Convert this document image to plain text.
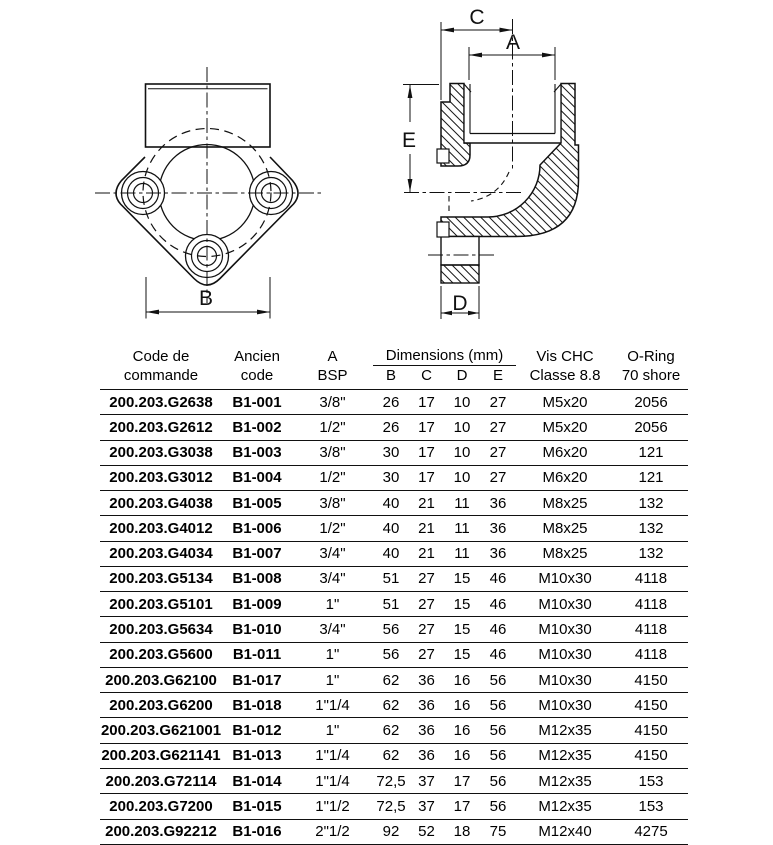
B
C
A
E
D
Code de
commande
Ancien
code
A
BSP
Dimensions (mm)
B	C	D	E
Vis CHC
Classe 8.8
O-Ring
70 shore
200.203.G2638	B1-001	3/8"	26	17	10	27	M5x20	2056
200.203.G2612	B1-002	1/2"	26	17	10	27	M5x20	2056
200.203.G3038	B1-003	3/8"	30	17	10	27	M6x20	121
200.203.G3012	B1-004	1/2"	30	17	10	27	M6x20	121
200.203.G4038	B1-005	3/8"	40	21	11	36	M8x25	132
200.203.G4012	B1-006	1/2"	40	21	11	36	M8x25	132
200.203.G4034	B1-007	3/4"	40	21	11	36	M8x25	132
200.203.G5134	B1-008	3/4"	51	27	15	46	M10x30	4118
200.203.G5101	B1-009	1"	51	27	15	46	M10x30	4118
200.203.G5634	B1-010	3/4"	56	27	15	46	M10x30	4118
200.203.G5600	B1-011	1"	56	27	15	46	M10x30	4118
200.203.G62100	B1-017	1"	62	36	16	56	M10x30	4150
200.203.G6200	B1-018	1"1/4	62	36	16	56	M10x30	4150
200.203.G621001 B1-012	1"	62	36	16	56	M12x35	4150
200.203.G621141 B1-013	1"1/4	62	36	16	56	M12x35	4150
200.203.G72114	B1-014	1"1/4	72,5 37	17	56	M12x35	153
200.203.G7200	B1-015	1"1/2	72,5 37	17	56	M12x35	153
200.203.G92212	B1-016	2"1/2	92	52	18	75	M12x40	4275
